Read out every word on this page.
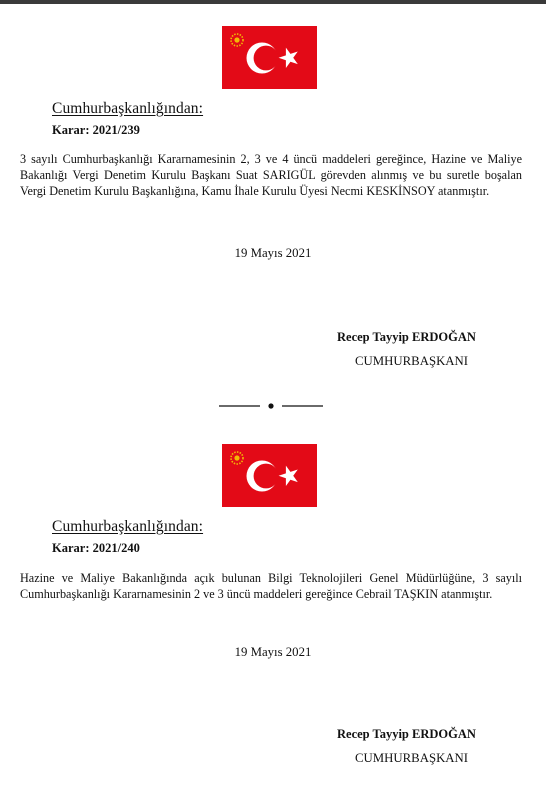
Cumhurbaşkanlığından:
Karar: 2021/239
3 sayılı Cumhurbaşkanlığı Kararnamesinin 2, 3 ve 4 üncü maddeleri gereğince, Hazine ve Maliye Bakanlığı Vergi Denetim Kurulu Başkanı Suat SARIGÜL görevden alınmış ve bu suretle boşalan Vergi Denetim Kurulu Başkanlığına, Kamu İhale Kurulu Üyesi Necmi KESKİNSOY atanmıştır.
19 Mayıs 2021
Recep Tayyip ERDOĞAN
CUMHURBAŞKANI
Cumhurbaşkanlığından:
Karar: 2021/240
Hazine ve Maliye Bakanlığında açık bulunan Bilgi Teknolojileri Genel Müdürlüğüne, 3 sayılı Cumhurbaşkanlığı Kararnamesinin 2 ve 3 üncü maddeleri gereğince Cebrail TAŞKIN atanmıştır.
19 Mayıs 2021
Recep Tayyip ERDOĞAN
CUMHURBAŞKANI
